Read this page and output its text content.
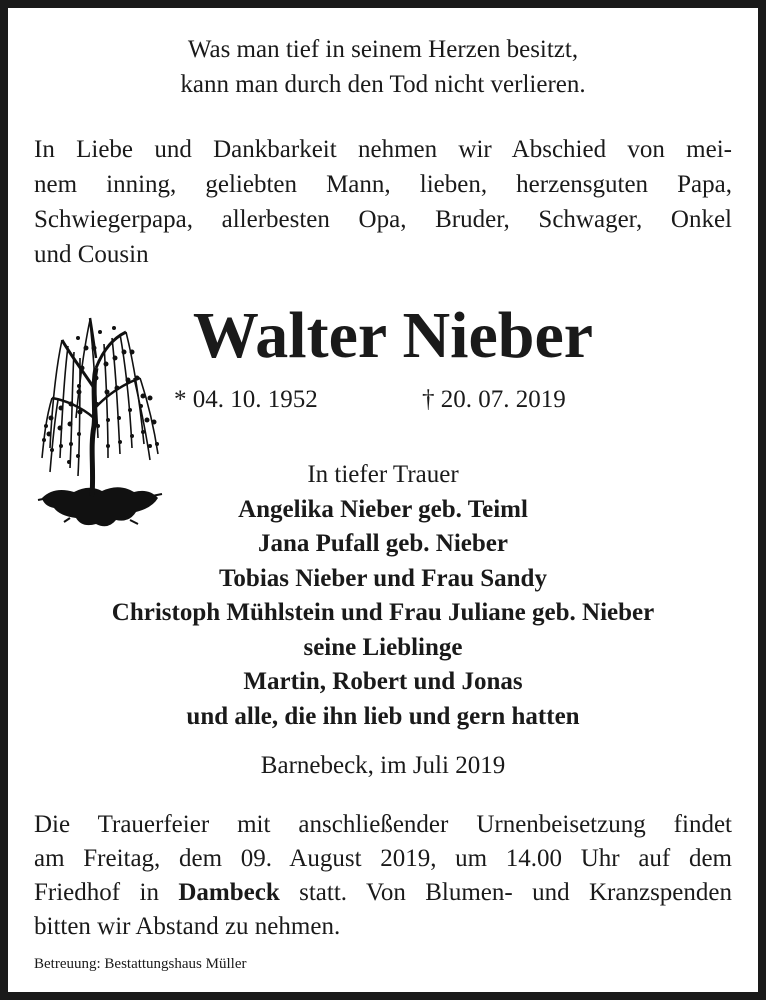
Was man tief in seinem Herzen besitzt,
kann man durch den Tod nicht verlieren.
In Liebe und Dankbarkeit nehmen wir Abschied von mei-
nem inning, geliebten Mann, lieben, herzensguten Papa,
Schwiegerpapa, allerbesten Opa, Bruder, Schwager, Onkel
und Cousin
Walter Nieber
* 04. 10. 1952	† 20. 07. 2019
In tiefer Trauer
Angelika Nieber geb. Teiml
Jana Pufall geb. Nieber
Tobias Nieber und Frau Sandy
Christoph Mühlstein und Frau Juliane geb. Nieber
seine Lieblinge
Martin, Robert und Jonas
und alle, die ihn lieb und gern hatten
Barnebeck, im Juli 2019
Die Trauerfeier mit anschließender Urnenbeisetzung findet
am Freitag, dem 09. August 2019, um 14.00 Uhr auf dem
Friedhof in Dambeck statt. Von Blumen- und Kranzspenden
bitten wir Abstand zu nehmen.
Betreuung: Bestattungshaus Müller
